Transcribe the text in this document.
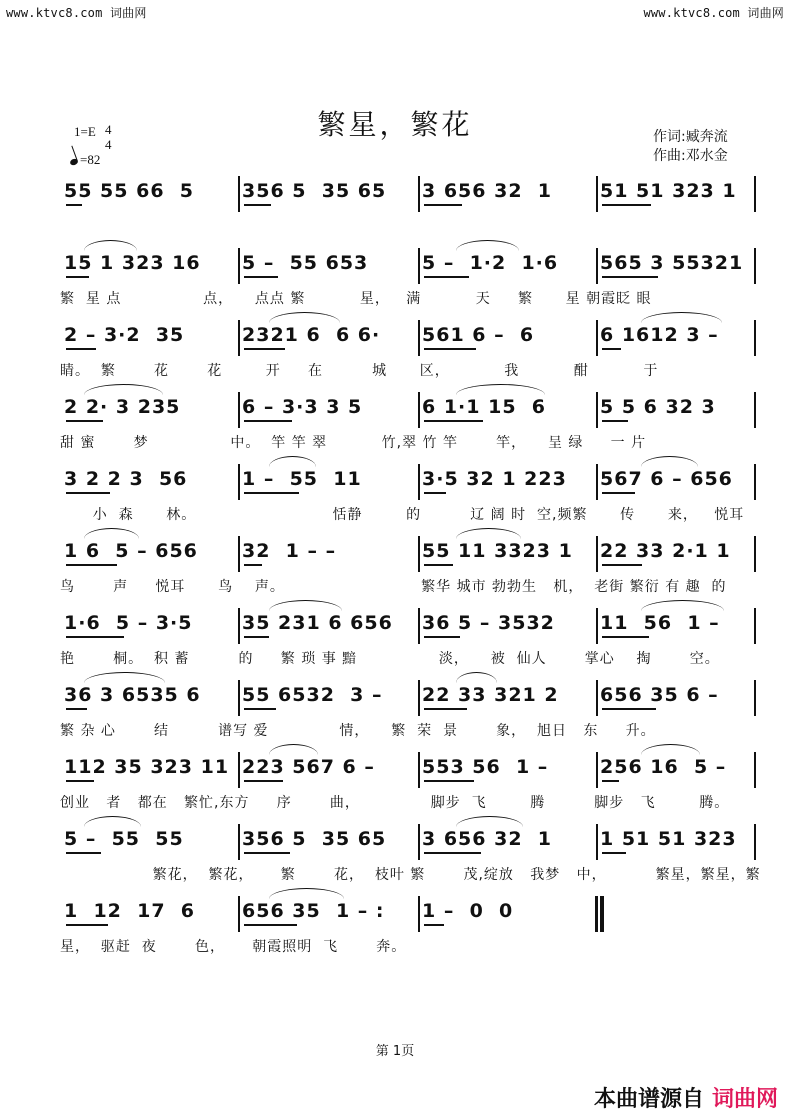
www.ktvc8.com 词曲网	www.ktvc8.com 词曲网
繁星，繁花
1=E 4
4
=82
作词:臧奔流
作曲:邓水金
55 55 66  5	356 5  35 65 3 656 32  1	51 51 323 1
15 1 323 16 5 –  55 653	5 –  1·2  1·6 565 3 55321
繁  星 点               点，    点点 繁          星，   满          天     繁      星 朝霞眨 眼
2 – 3·2  35	2321 6  6 6· 561 6 –  6	6 1612 3 –
睛。  繁       花       花        开     在         城      区，          我          酣          于
2 2· 3 235	6 – 3·3 3 5	6 1·1 15  6	5 5 6 32 3
甜 蜜       梦               中。  竿 竿 翠          竹,翠 竹 竿       竿，    呈 绿     一 片
3 2 2 3  56	1 –  55  11	3·5 32 1 223 567 6 – 656
小  森      林。                         恬静        的         辽 阔 时  空,频繁      传      来，   悦耳
1 6  5 – 656 32  1 – –	55 11 3323 1 22 33 2·1 1
鸟       声     悦耳      鸟    声。                         繁华 城市 勃勃生   机，  老街 繁衍 有 趣  的
1·6  5 – 3·5	35 231 6 656 36 5 – 3532 11  56  1 –
艳       桐。  积 蓄         的     繁 琐 事 黯               淡，    被  仙人       掌心    掏       空。
36 3 6535 6 55 6532  3 – 22 33 321 2 656 35 6 –
繁 杂 心       结         谱写 爱             情，    繁  荣  景       象，  旭日   东     升。
112 35 323 11 223 567 6 – 553 56  1 –	256 16  5 –
创业   者   都在   繁忙,东方     序       曲，             脚步  飞        腾         脚步   飞        腾。
5 –  55  55	356 5  35 65 3 656 32  1	1 51 51 323
繁花，  繁花，     繁       花，  枝叶 繁       茂,绽放   我梦   中，         繁星，繁星，繁
1  12  17  6 656 35  1 – : 1 –  0  0
星，  驱赶  夜       色，     朝霞照明  飞       奔。
第 1页
本曲谱源自 词曲网
